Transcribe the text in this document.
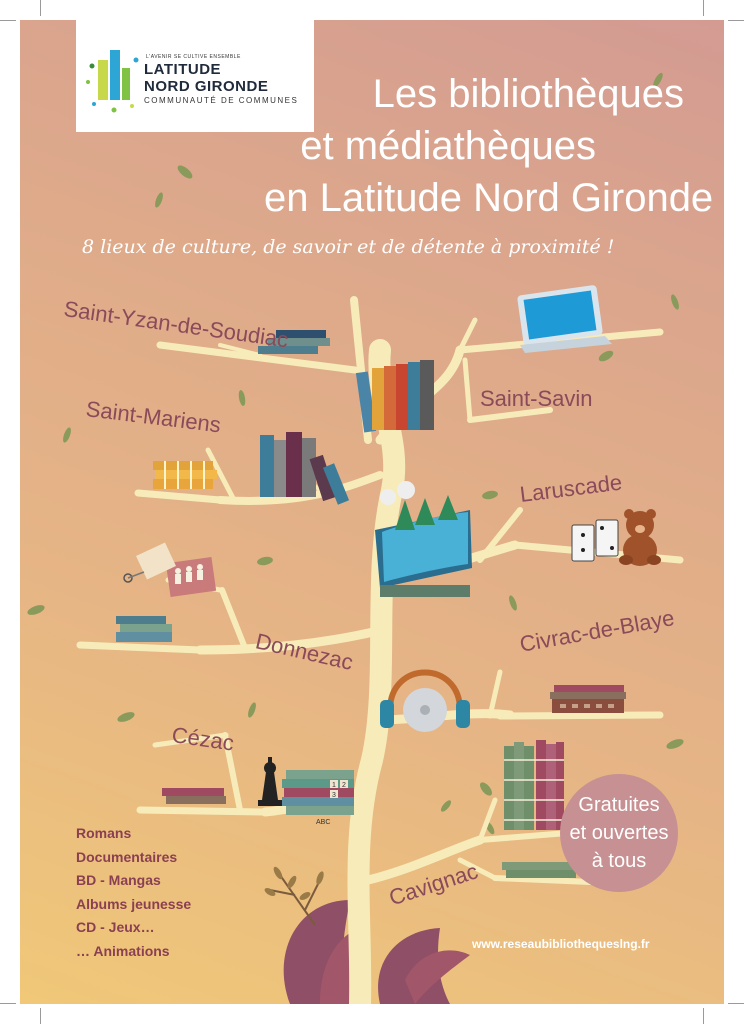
1 2
3
ABC
L'AVENIR SE CULTIVE ENSEMBLE
LATITUDE
NORD GIRONDE
COMMUNAUTÉ DE COMMUNES	Les bibliothèques
et médiathèques
en Latitude Nord Gironde
8 lieux de culture, de savoir et de détente à proximité !
Saint-Yzan-de-Soudiac
Saint-Savin
Saint-Mariens
Laruscade
Donnezac	Civrac-de-Blaye
Cézac
Cavignac
Romans
Documentaires
BD - Mangas
Albums jeunesse
CD - Jeux…
… Animations
Gratuites
et ouvertes
à tous
www.reseaubibliothequeslng.fr
